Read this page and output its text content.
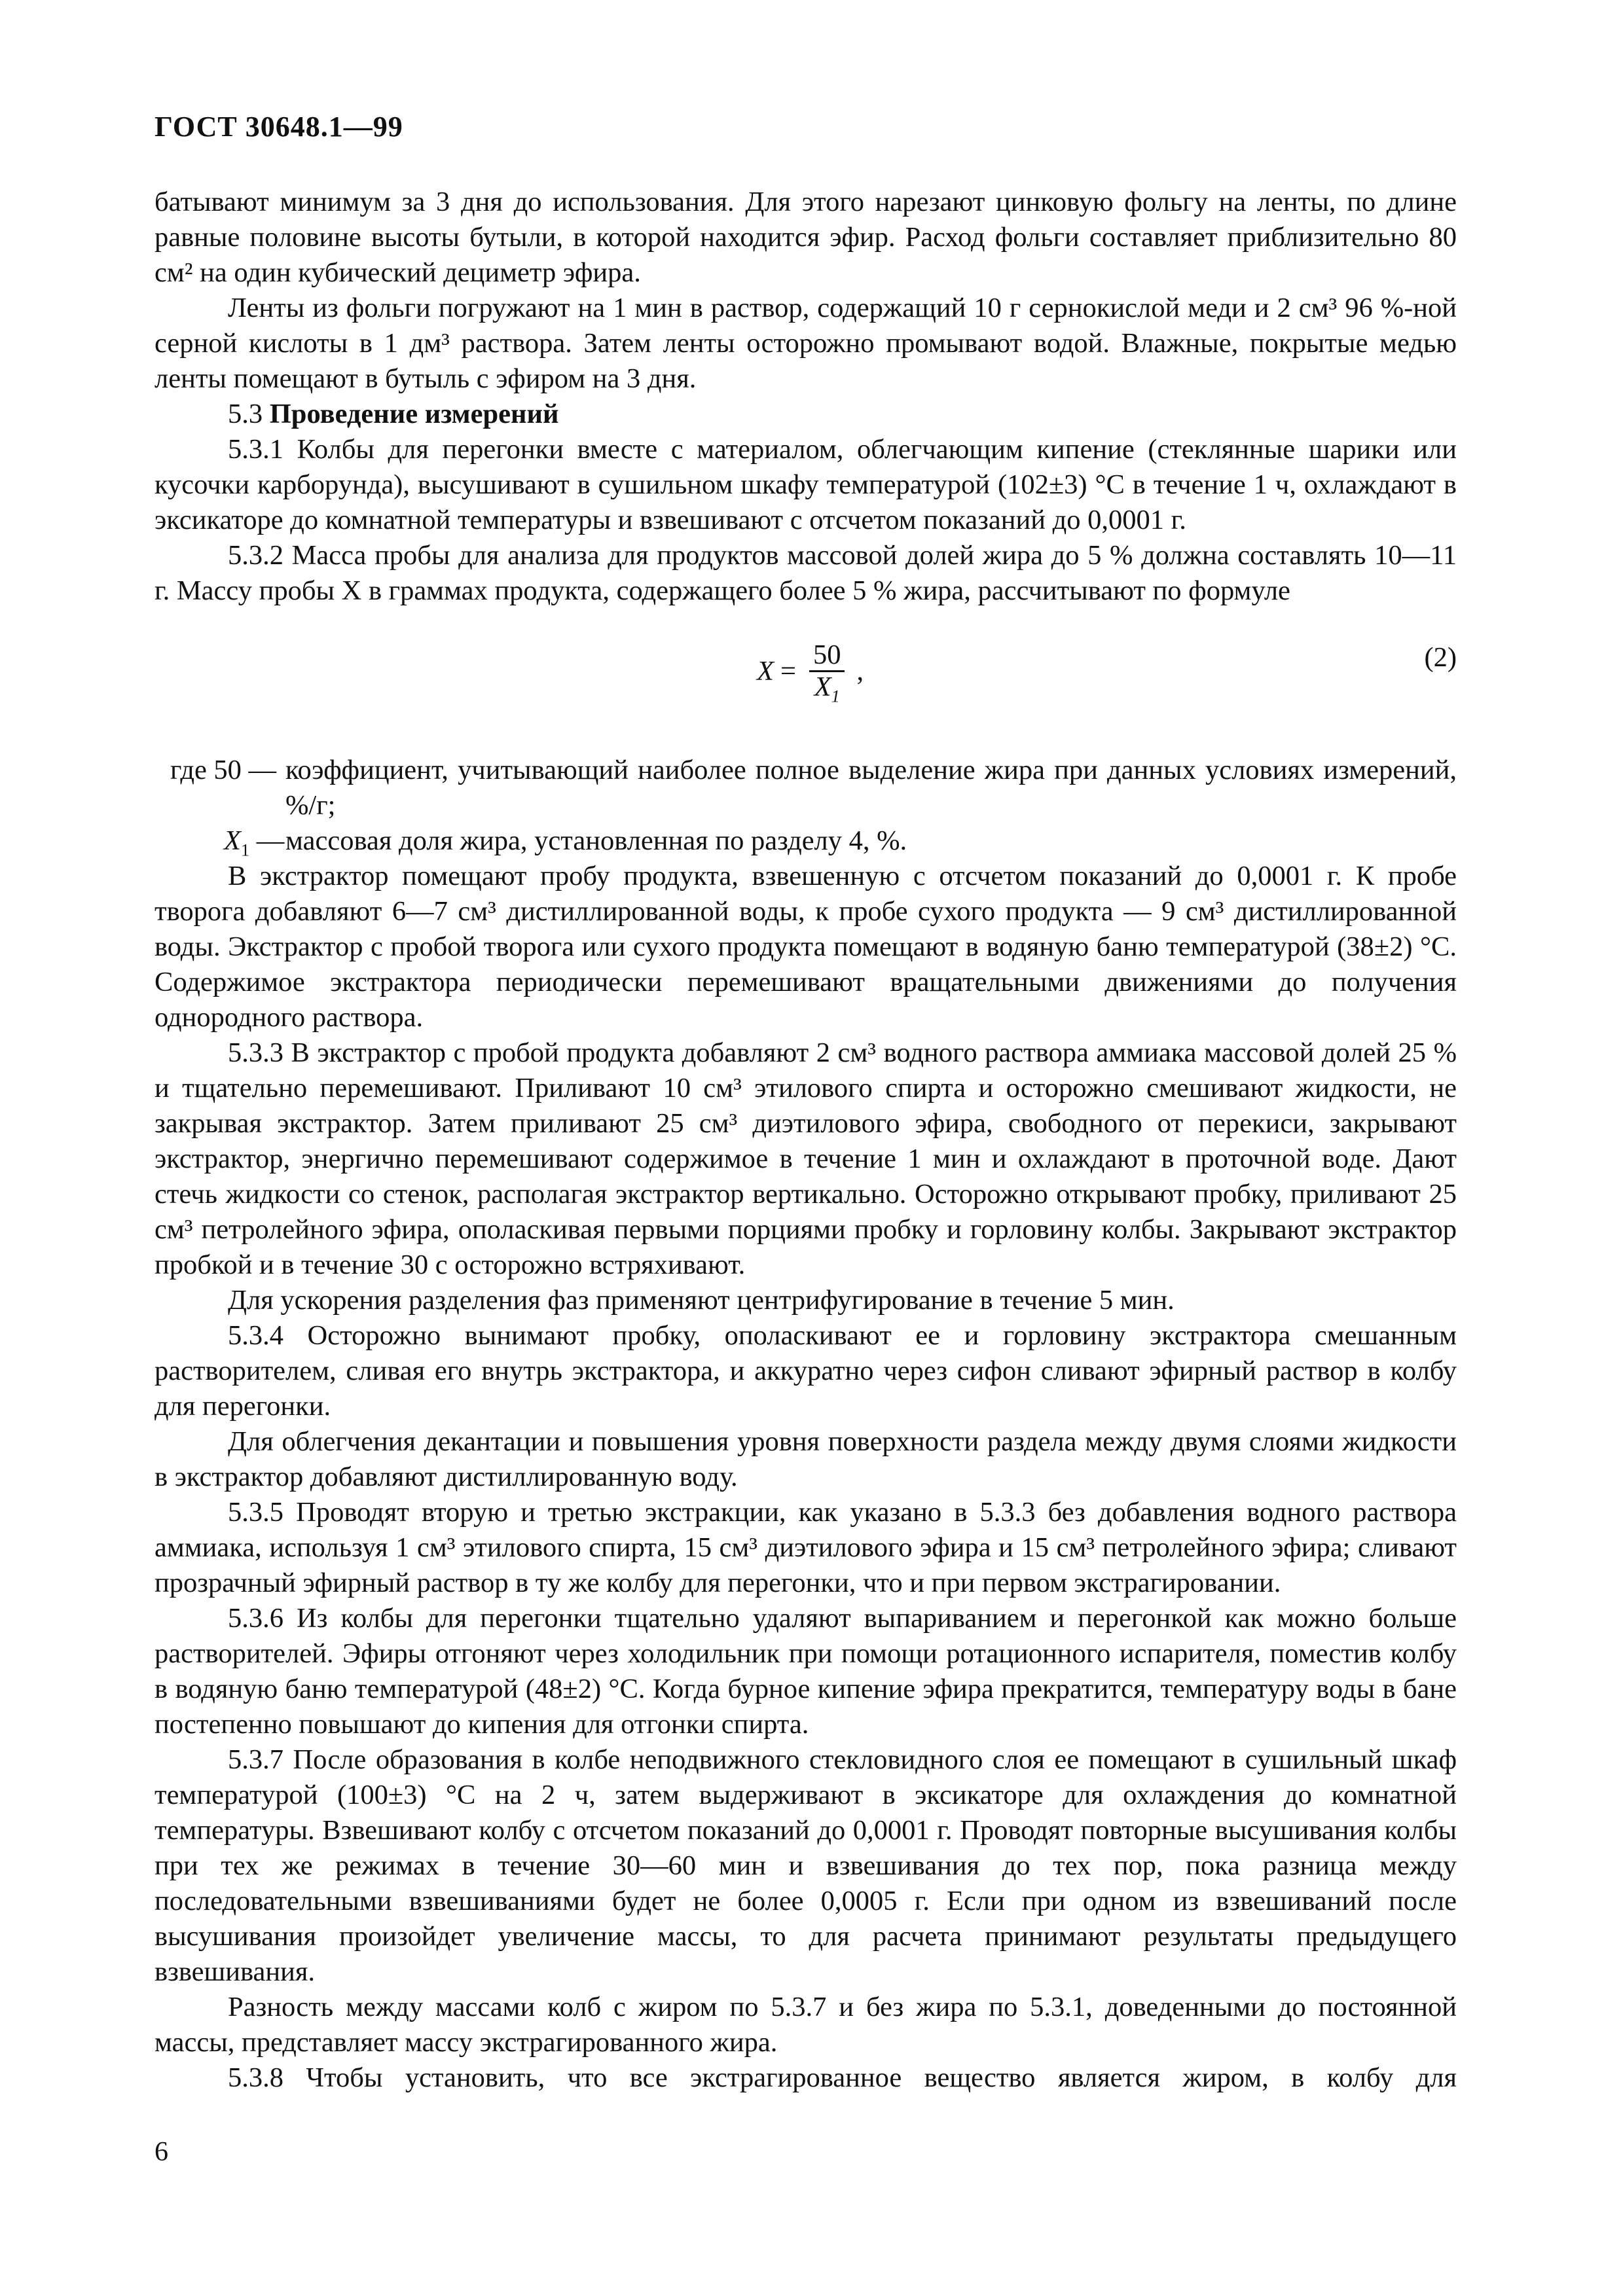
ГОСТ 30648.1—99

батывают минимум за 3 дня до использования. Для этого нарезают цинковую фольгу на ленты, по длине равные половине высоты бутыли, в которой находится эфир. Расход фольги составляет приблизительно 80 см² на один кубический дециметр эфира.

Ленты из фольги погружают на 1 мин в раствор, содержащий 10 г сернокислой меди и 2 см³ 96 %-ной серной кислоты в 1 дм³ раствора. Затем ленты осторожно промывают водой. Влажные, покрытые медью ленты помещают в бутыль с эфиром на 3 дня.

5.3 Проведение измерений

5.3.1 Колбы для перегонки вместе с материалом, облегчающим кипение (стеклянные шарики или кусочки карборунда), высушивают в сушильном шкафу температурой (102±3) °С в течение 1 ч, охлаждают в эксикаторе до комнатной температуры и взвешивают с отсчетом показаний до 0,0001 г.

5.3.2 Масса пробы для анализа для продуктов массовой долей жира до 5 % должна составлять 10—11 г. Массу пробы X в граммах продукта, содержащего более 5 % жира, рассчитывают по формуле

$X = \frac{50}{X_1}$ ,	(2)
где 50 — коэффициент, учитывающий наиболее полное выделение жира при данных условиях измерений, %/г;
$X_1$ — массовая доля жира, установленная по разделу 4, %.

В экстрактор помещают пробу продукта, взвешенную с отсчетом показаний до 0,0001 г. К пробе творога добавляют 6—7 см³ дистиллированной воды, к пробе сухого продукта — 9 см³ дистиллированной воды. Экстрактор с пробой творога или сухого продукта помещают в водяную баню температурой (38±2) °С. Содержимое экстрактора периодически перемешивают вращательными движениями до получения однородного раствора.

5.3.3 В экстрактор с пробой продукта добавляют 2 см³ водного раствора аммиака массовой долей 25 % и тщательно перемешивают. Приливают 10 см³ этилового спирта и осторожно смешивают жидкости, не закрывая экстрактор. Затем приливают 25 см³ диэтилового эфира, свободного от перекиси, закрывают экстрактор, энергично перемешивают содержимое в течение 1 мин и охлаждают в проточной воде. Дают стечь жидкости со стенок, располагая экстрактор вертикально. Осторожно открывают пробку, приливают 25 см³ петролейного эфира, ополаскивая первыми порциями пробку и горловину колбы. Закрывают экстрактор пробкой и в течение 30 с осторожно встряхивают.

Для ускорения разделения фаз применяют центрифугирование в течение 5 мин.

5.3.4 Осторожно вынимают пробку, ополаскивают ее и горловину экстрактора смешанным растворителем, сливая его внутрь экстрактора, и аккуратно через сифон сливают эфирный раствор в колбу для перегонки.

Для облегчения декантации и повышения уровня поверхности раздела между двумя слоями жидкости в экстрактор добавляют дистиллированную воду.

5.3.5 Проводят вторую и третью экстракции, как указано в 5.3.3 без добавления водного раствора аммиака, используя 1 см³ этилового спирта, 15 см³ диэтилового эфира и 15 см³ петролейного эфира; сливают прозрачный эфирный раствор в ту же колбу для перегонки, что и при первом экстрагировании.

5.3.6 Из колбы для перегонки тщательно удаляют выпариванием и перегонкой как можно больше растворителей. Эфиры отгоняют через холодильник при помощи ротационного испарителя, поместив колбу в водяную баню температурой (48±2) °С. Когда бурное кипение эфира прекратится, температуру воды в бане постепенно повышают до кипения для отгонки спирта.

5.3.7 После образования в колбе неподвижного стекловидного слоя ее помещают в сушильный шкаф температурой (100±3) °С на 2 ч, затем выдерживают в эксикаторе для охлаждения до комнатной температуры. Взвешивают колбу с отсчетом показаний до 0,0001 г. Проводят повторные высушивания колбы при тех же режимах в течение 30—60 мин и взвешивания до тех пор, пока разница между последовательными взвешиваниями будет не более 0,0005 г. Если при одном из взвешиваний после высушивания произойдет увеличение массы, то для расчета принимают результаты предыдущего взвешивания.

Разность между массами колб с жиром по 5.3.7 и без жира по 5.3.1, доведенными до постоянной массы, представляет массу экстрагированного жира.

5.3.8 Чтобы установить, что все экстрагированное вещество является жиром, в колбу для

6
